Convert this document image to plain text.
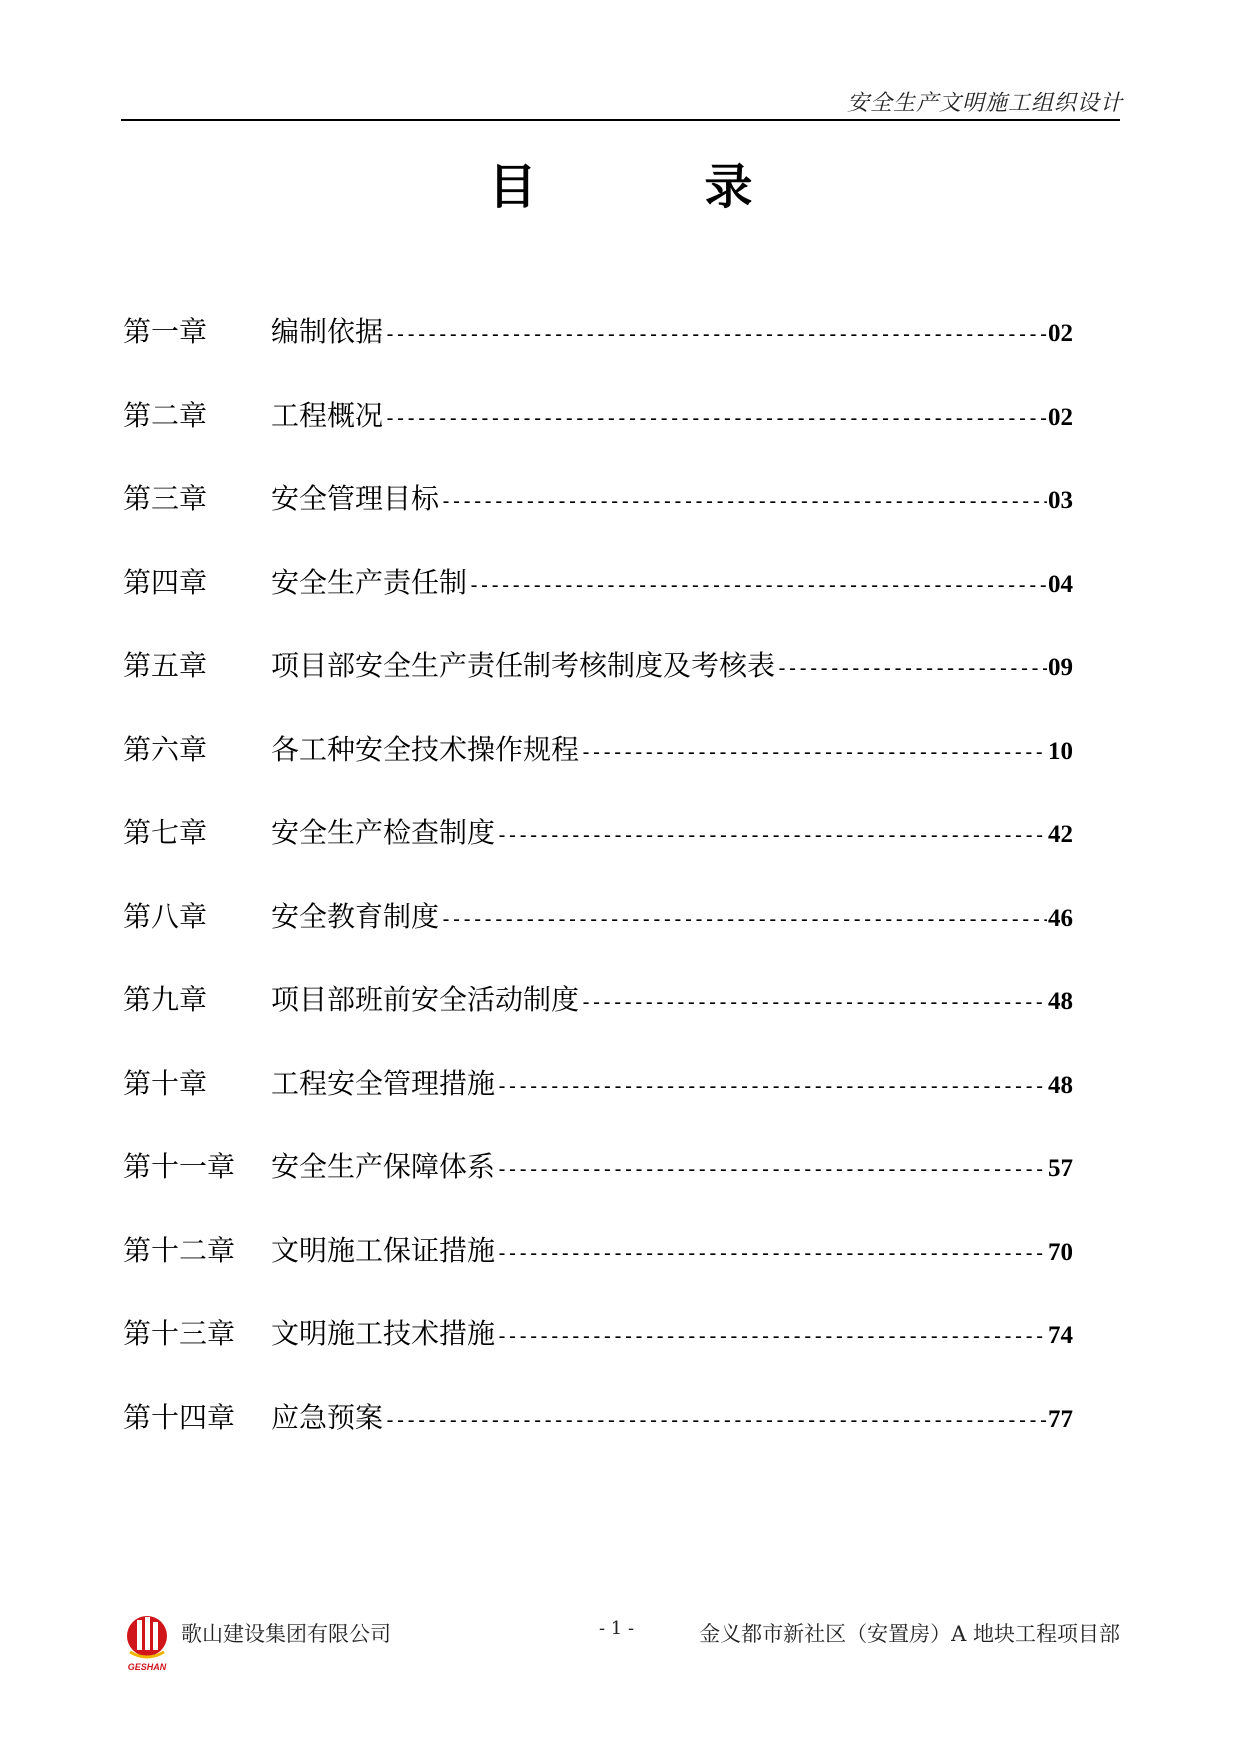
安全生产文明施工组织设计
目	录
第一章	编制依据 -----	02
第二章	工程概况 -----	02
第三章	安全管理目标 -----	03
第四章	安全生产责任制 -----	04
第五章	项目部安全生产责任制考核制度及考核表 -----	09
第六章	各工种安全技术操作规程 -----	10
第七章	安全生产检查制度 -----	42
第八章	安全教育制度 -----	46
第九章	项目部班前安全活动制度 -----	48
第十章	工程安全管理措施 -----	48
第十一章	安全生产保障体系 -----	57
第十二章	文明施工保证措施 -----	70
第十三章	文明施工技术措施 -----	74
第十四章	应急预案 -----	77
GESHAN
歌山建设集团有限公司	- 1 -	金义都市新社区（安置房）A 地块工程项目部
